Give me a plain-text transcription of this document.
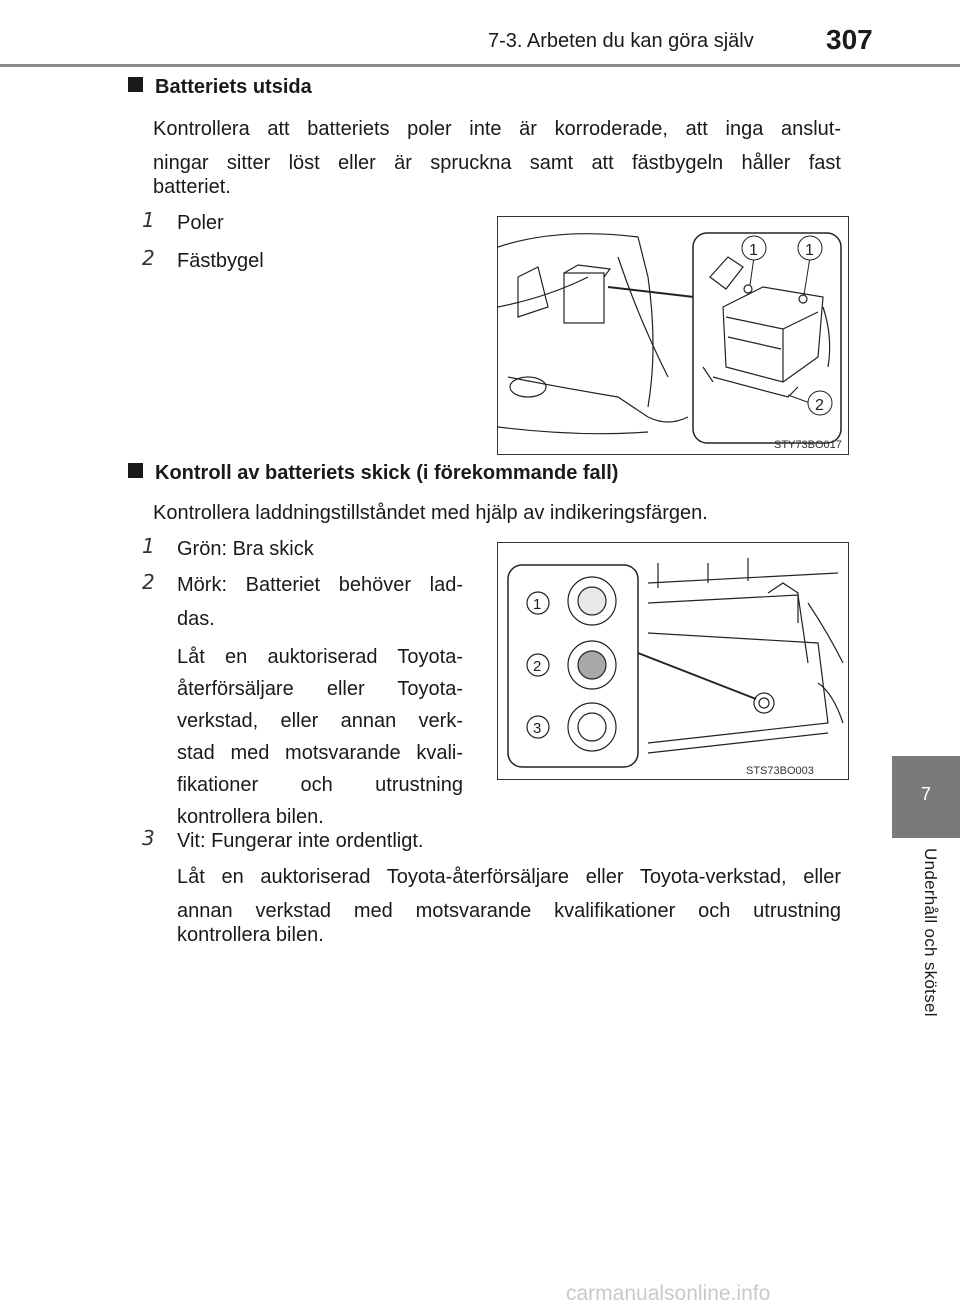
7-3. Arbeten du kan göra själv	307
7
Underhåll och skötsel
Batteriets utsida
Kontrollera att batteriets poler inte är korroderade, att inga anslut-
ningar sitter löst eller är spruckna samt att fästbygeln håller fast
batteriet.
1 Poler
2 Fästbygel	1	1
2
STY73BO017
Kontroll av batteriets skick (i förekommande fall)
Kontrollera laddningstillståndet med hjälp av indikeringsfärgen.
1 Grön: Bra skick
2 Mörk: Batteriet behöver lad-
das.
Låt en auktoriserad Toyota-
återförsäljare eller Toyota-
verkstad, eller annan verk-
stad med motsvarande kvali-
fikationer och utrustning
kontrollera bilen.
3 Vit: Fungerar inte ordentligt.
Låt en auktoriserad Toyota-återförsäljare eller Toyota-verkstad, eller
annan verkstad med motsvarande kvalifikationer och utrustning
kontrollera bilen.
1
2
3
STS73BO003
carmanualsonline.info
